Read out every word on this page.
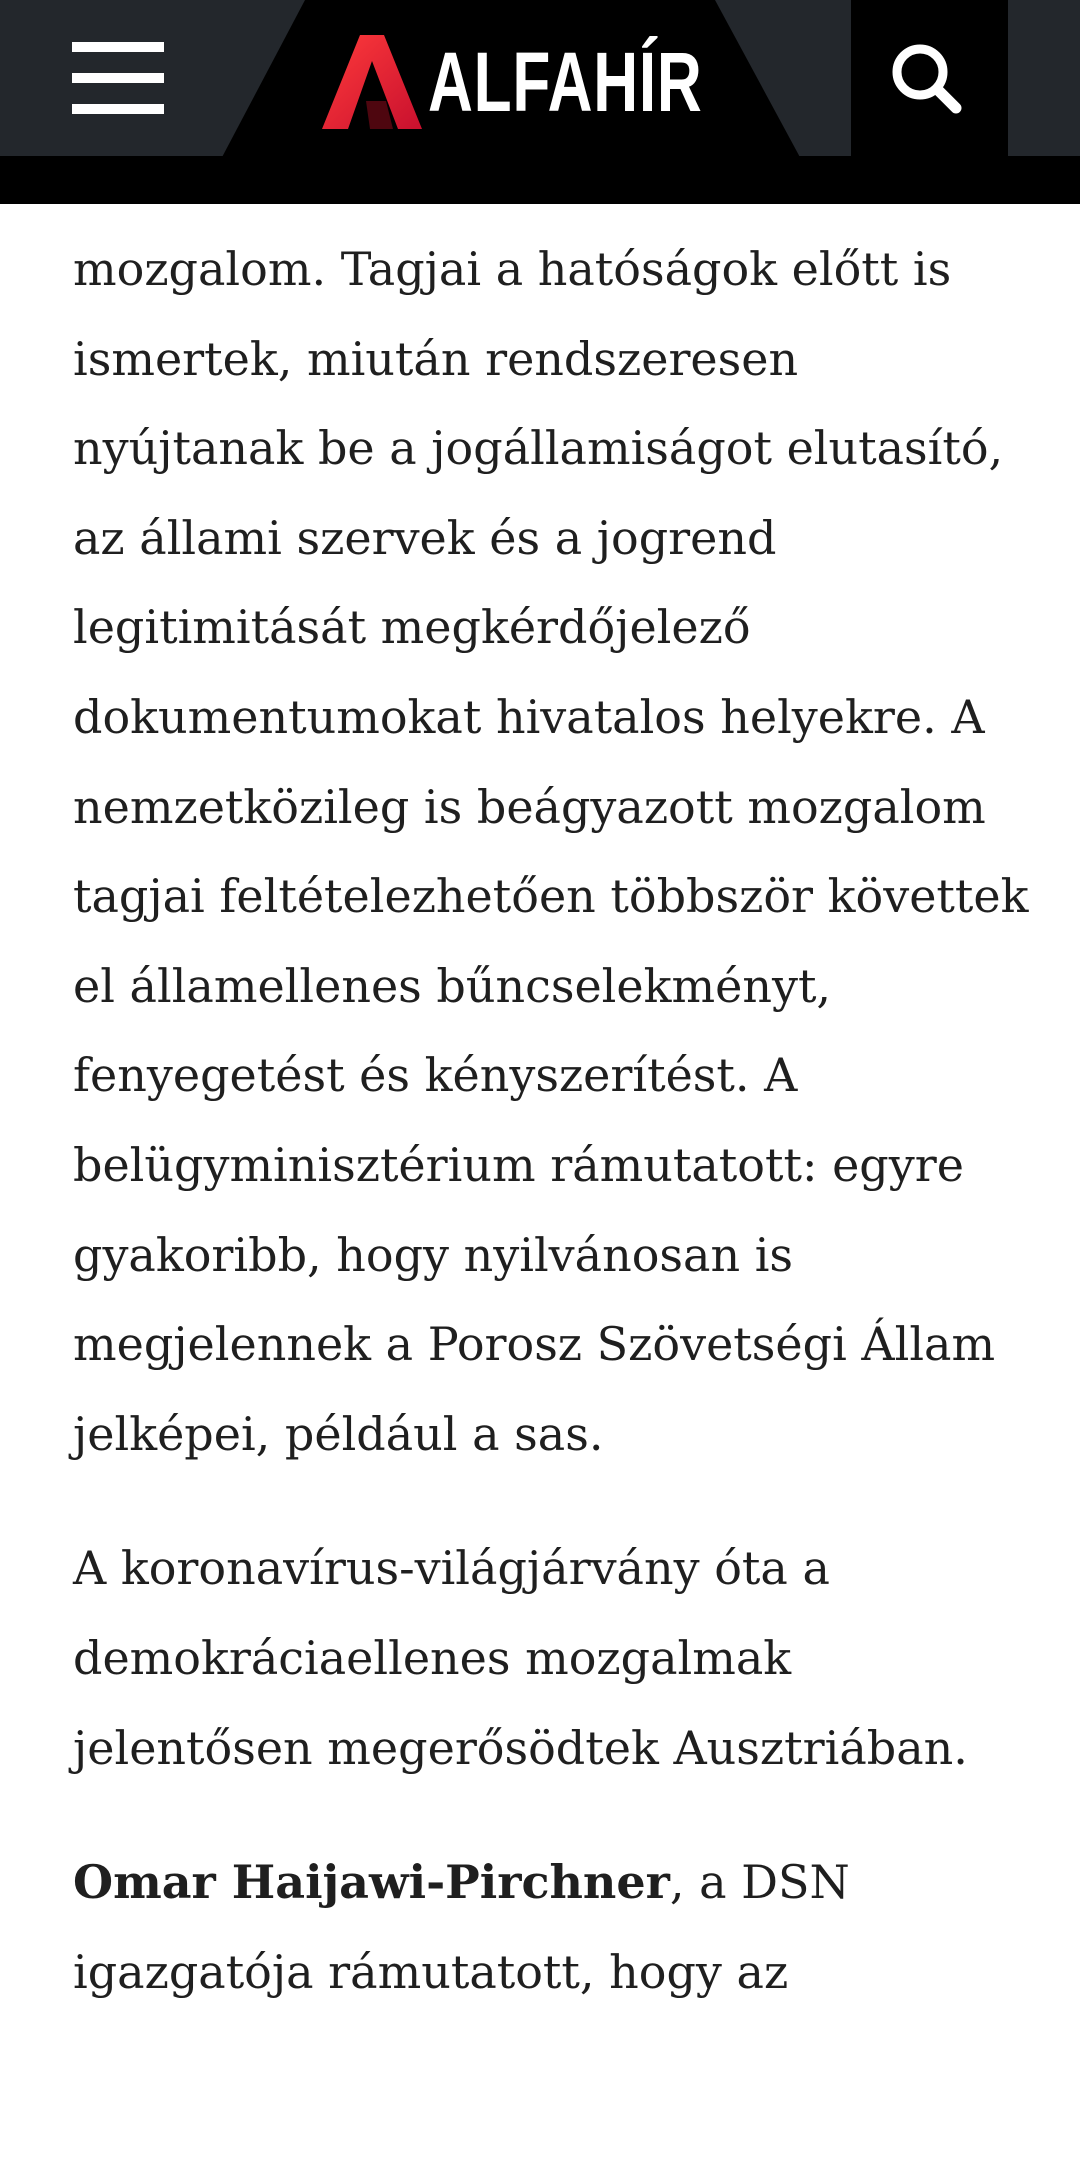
ALFAHÍR

mozgalom. Tagjai a hatóságok előtt is ismertek, miután rendszeresen nyújtanak be a jogállamiságot elutasító, az állami szervek és a jogrend legitimitását megkérdőjelező dokumentumokat hivatalos helyekre. A nemzetközileg is beágyazott mozgalom tagjai feltételezhetően többször követtek el államellenes bűncselekményt, fenyegetést és kényszerítést. A belügyminisztérium rámutatott: egyre gyakoribb, hogy nyilvánosan is megjelennek a Porosz Szövetségi Állam jelképei, például a sas.

A koronavírus-világjárvány óta a demokráciaellenes mozgalmak jelentősen megerősödtek Ausztriában.

Omar Haijawi-Pirchner, a DSN igazgatója rámutatott, hogy az
